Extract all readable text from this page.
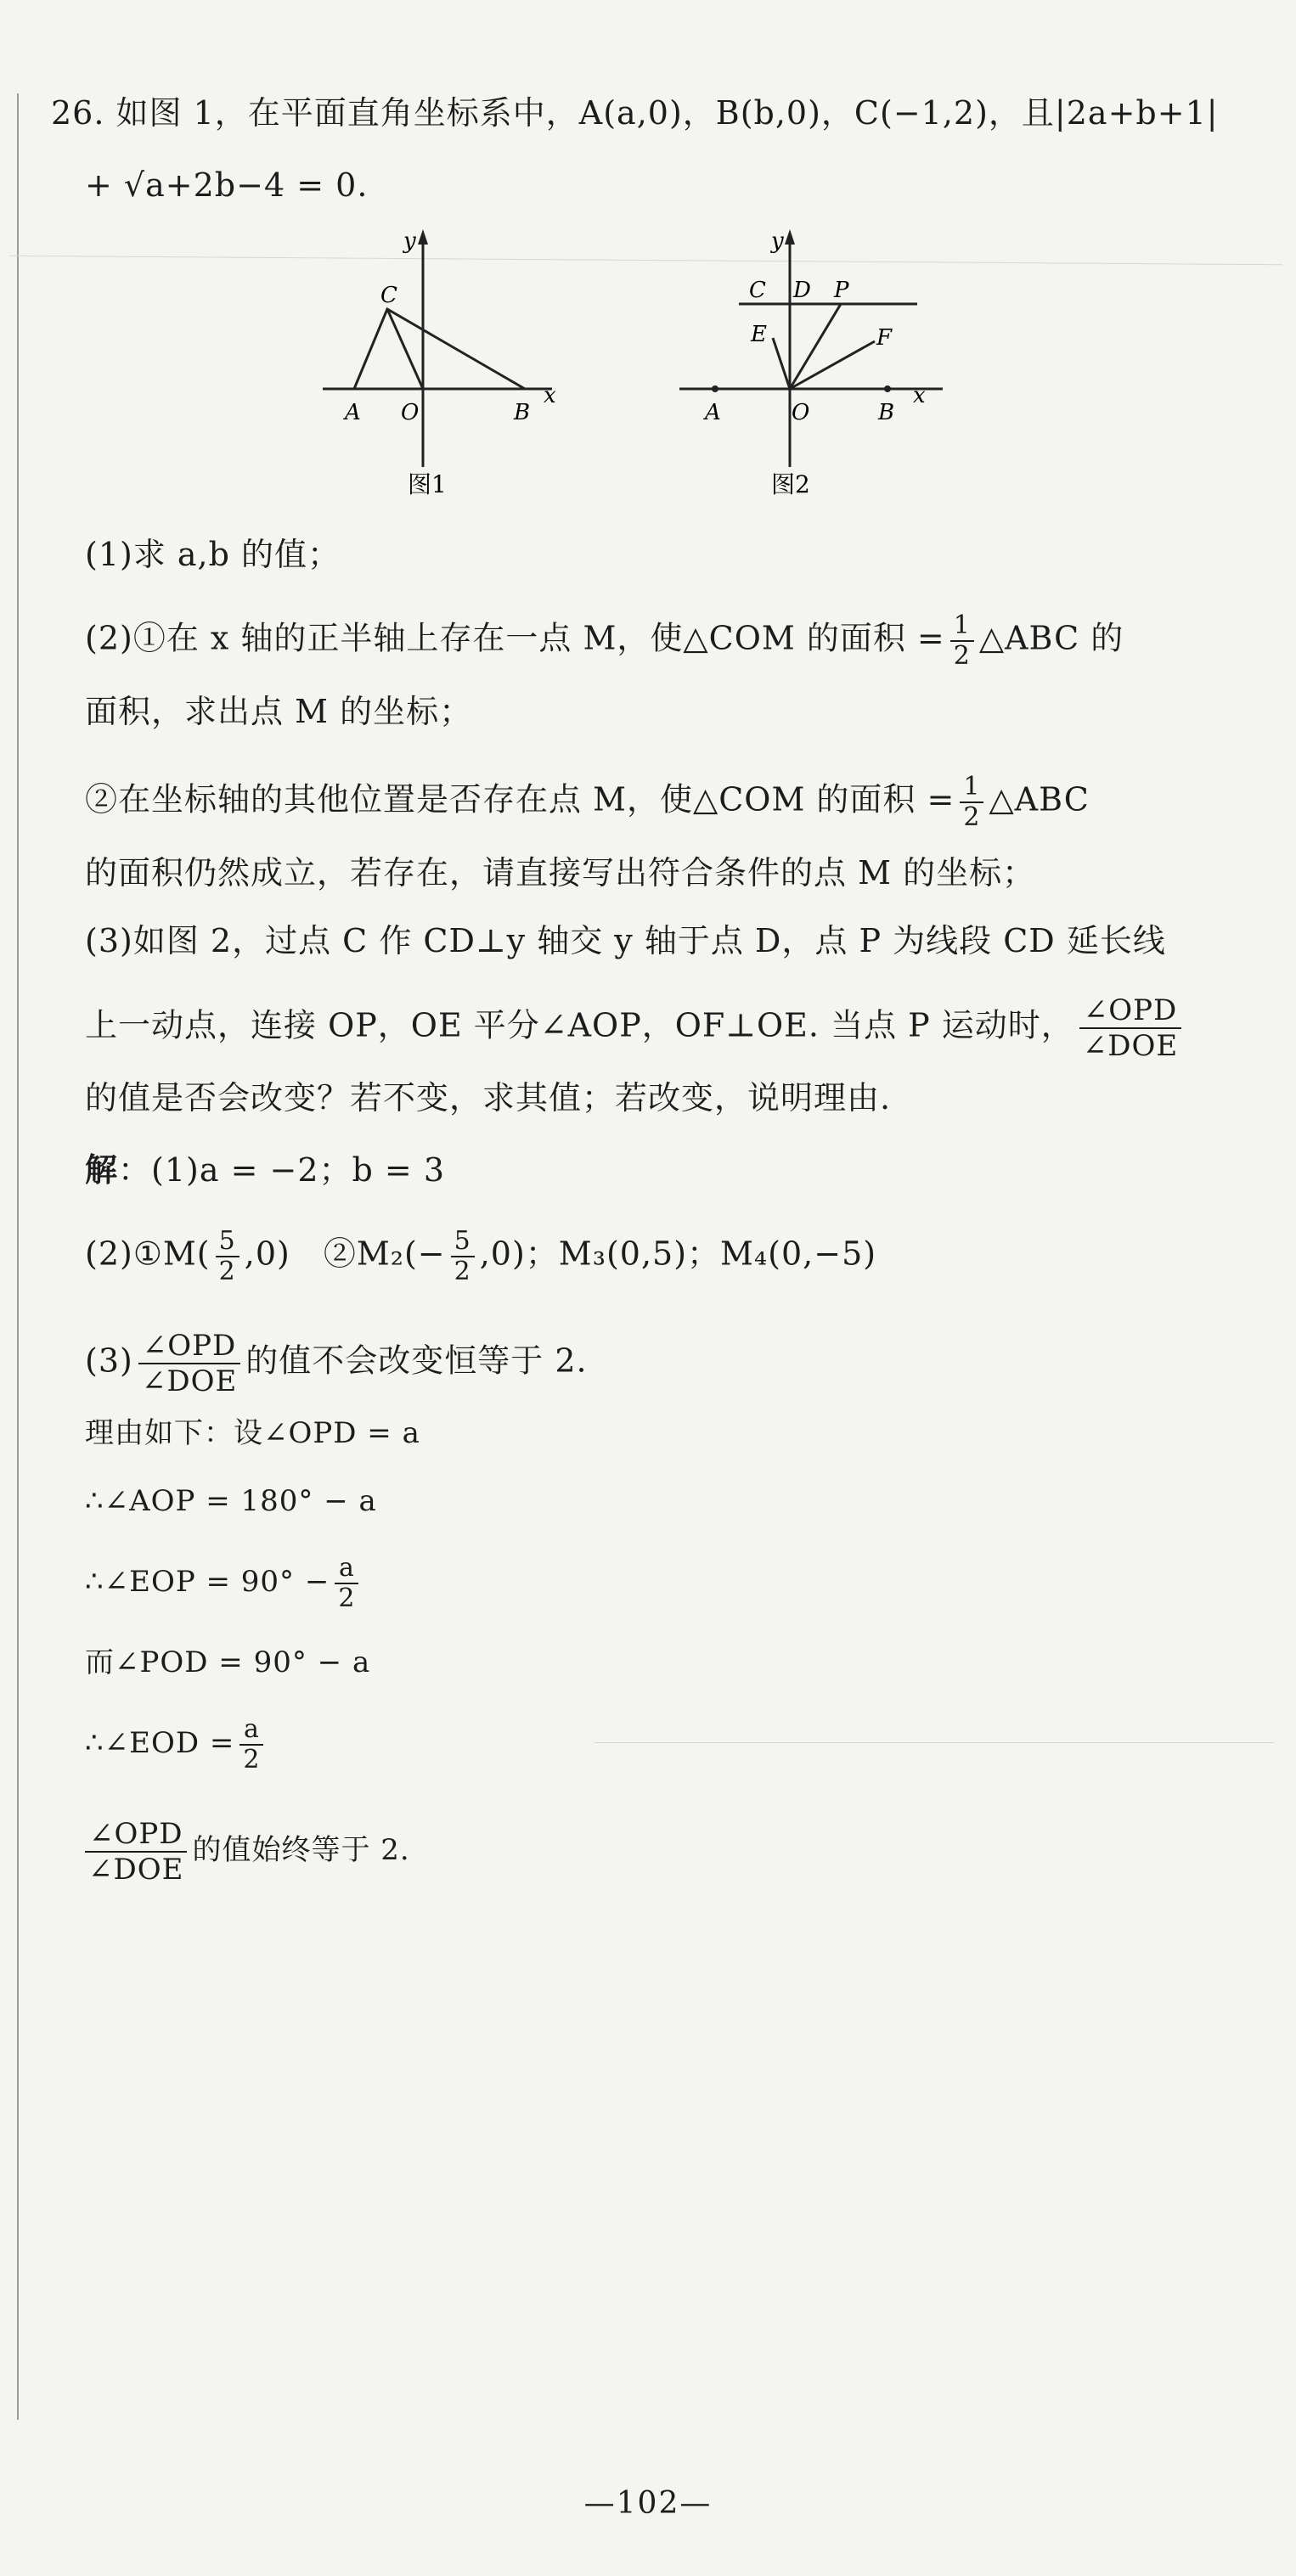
26. 如图 1，在平面直角坐标系中，A(a,0)，B(b,0)，C(−1,2)，且|2a+b+1|
+ √a+2b−4 = 0.
y
x
C
A O	B
图1
y
x
C D P
E	F
A	O	B
图2
(1)求 a,b 的值；
(2)①在 x 轴的正半轴上存在一点 M，使△COM 的面积 = $\frac{1}{2}$ △ABC 的
面积，求出点 M 的坐标；
②在坐标轴的其他位置是否存在点 M，使△COM 的面积 = $\frac{1}{2}$ △ABC
的面积仍然成立，若存在，请直接写出符合条件的点 M 的坐标；
(3)如图 2，过点 C 作 CD⊥y 轴交 y 轴于点 D，点 P 为线段 CD 延长线
上一动点，连接 OP，OE 平分∠AOP，OF⊥OE. 当点 P 运动时， $\frac{\text{∠OPD}}{\text{∠DOE}}$
的值是否会改变？若不变，求其值；若改变，说明理由.
解：(1)a = −2；b = 3
(2)①M( $\frac{5}{2} ,0$)　②M₂(− $\frac{5}{2} ,0$)；M₃(0,5)；M₄(0,−5)
$(3) \frac{\text{∠OPD}}{\text{∠DOE}}$ 的值不会改变恒等于 2.
理由如下：设∠OPD = a
∴∠AOP = 180° − a
∴∠EOP = $90^\circ - \frac{a}{2}$
而∠POD = 90° − a
∴∠EOD = $\frac{a}{2}$
$\frac{\text{∠OPD}}{\text{∠DOE}}$ 的值始终等于 2.
—102—
